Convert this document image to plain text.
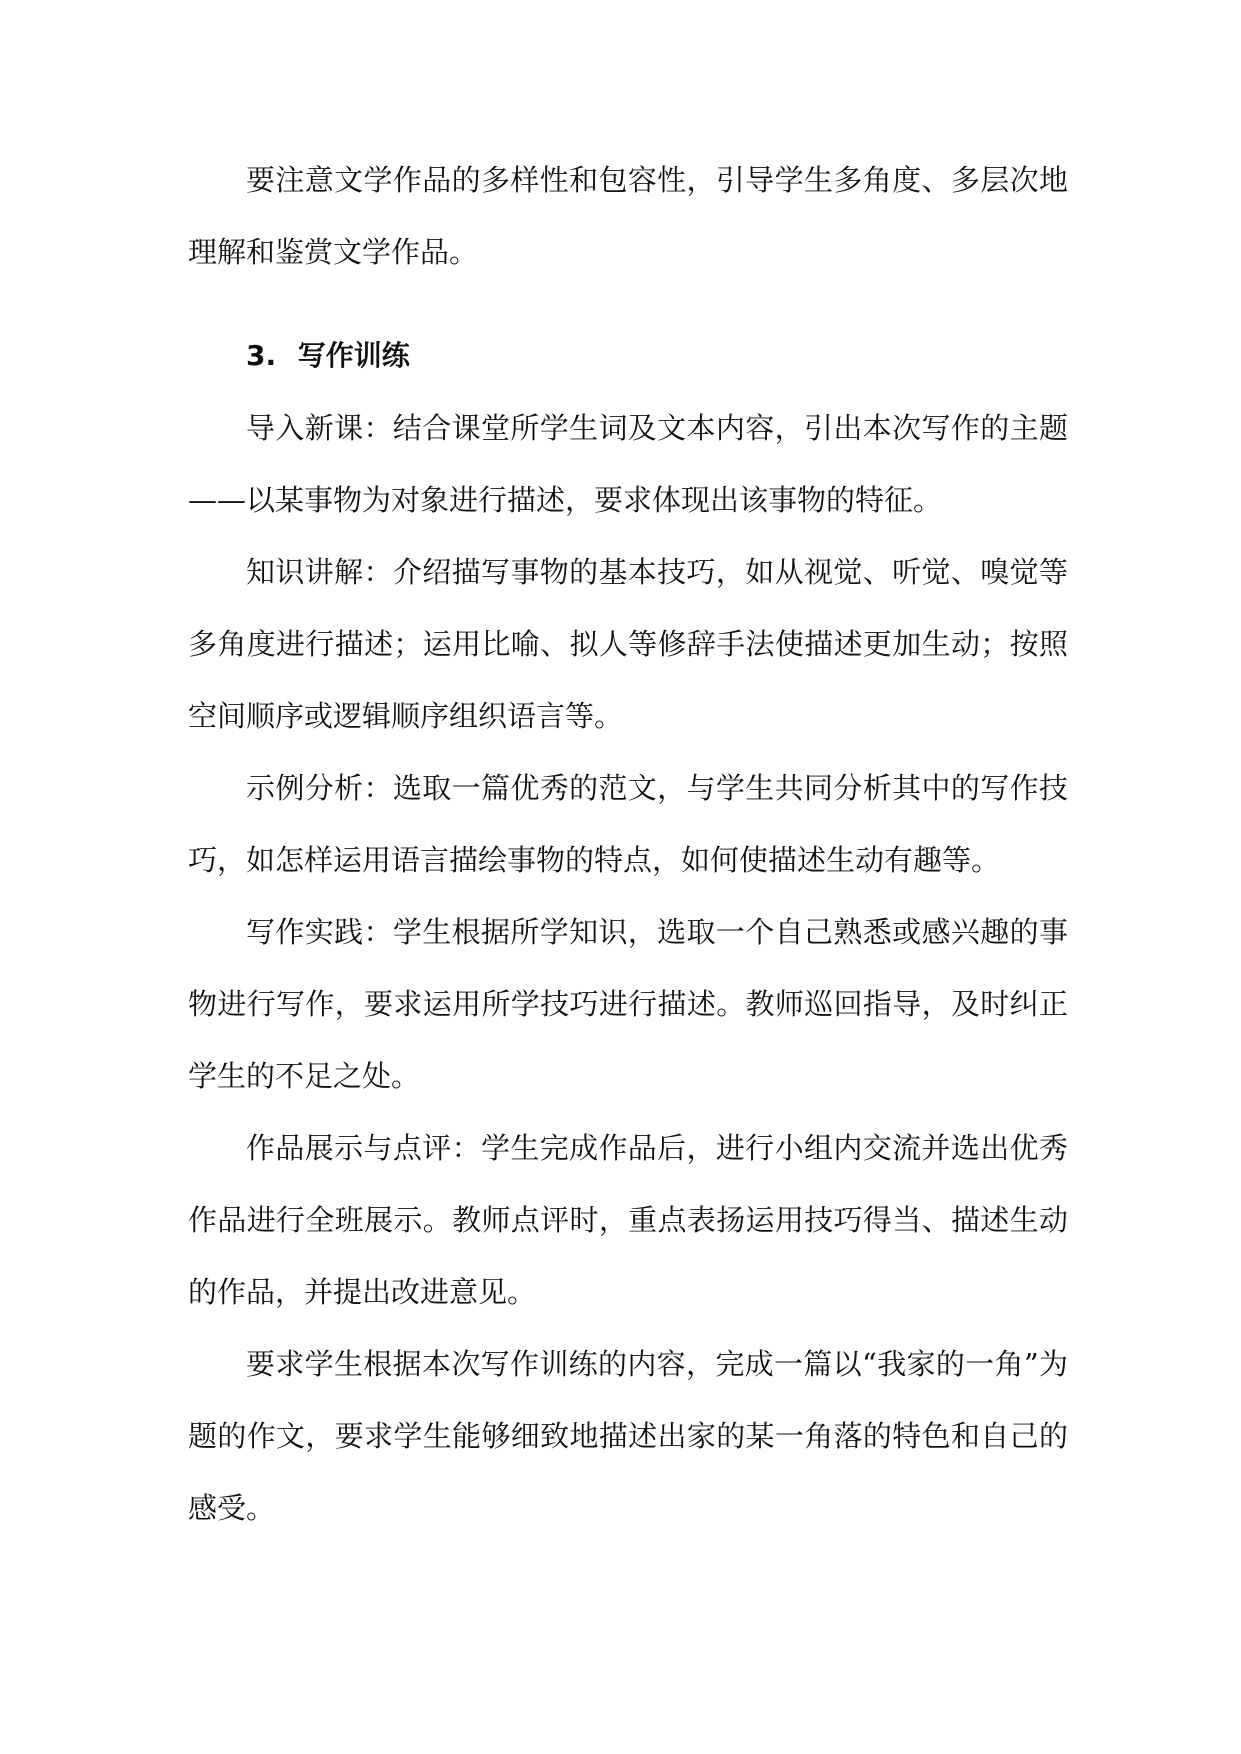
要注意文学作品的多样性和包容性，引导学生多角度、多层次地理解和鉴赏文学作品。

3. 写作训练

导入新课：结合课堂所学生词及文本内容，引出本次写作的主题——以某事物为对象进行描述，要求体现出该事物的特征。

知识讲解：介绍描写事物的基本技巧，如从视觉、听觉、嗅觉等多角度进行描述；运用比喻、拟人等修辞手法使描述更加生动；按照空间顺序或逻辑顺序组织语言等。

示例分析：选取一篇优秀的范文，与学生共同分析其中的写作技巧，如怎样运用语言描绘事物的特点，如何使描述生动有趣等。

写作实践：学生根据所学知识，选取一个自己熟悉或感兴趣的事物进行写作，要求运用所学技巧进行描述。教师巡回指导，及时纠正学生的不足之处。

作品展示与点评：学生完成作品后，进行小组内交流并选出优秀作品进行全班展示。教师点评时，重点表扬运用技巧得当、描述生动的作品，并提出改进意见。

要求学生根据本次写作训练的内容，完成一篇以“我家的一角”为题的作文，要求学生能够细致地描述出家的某一角落的特色和自己的感受。
